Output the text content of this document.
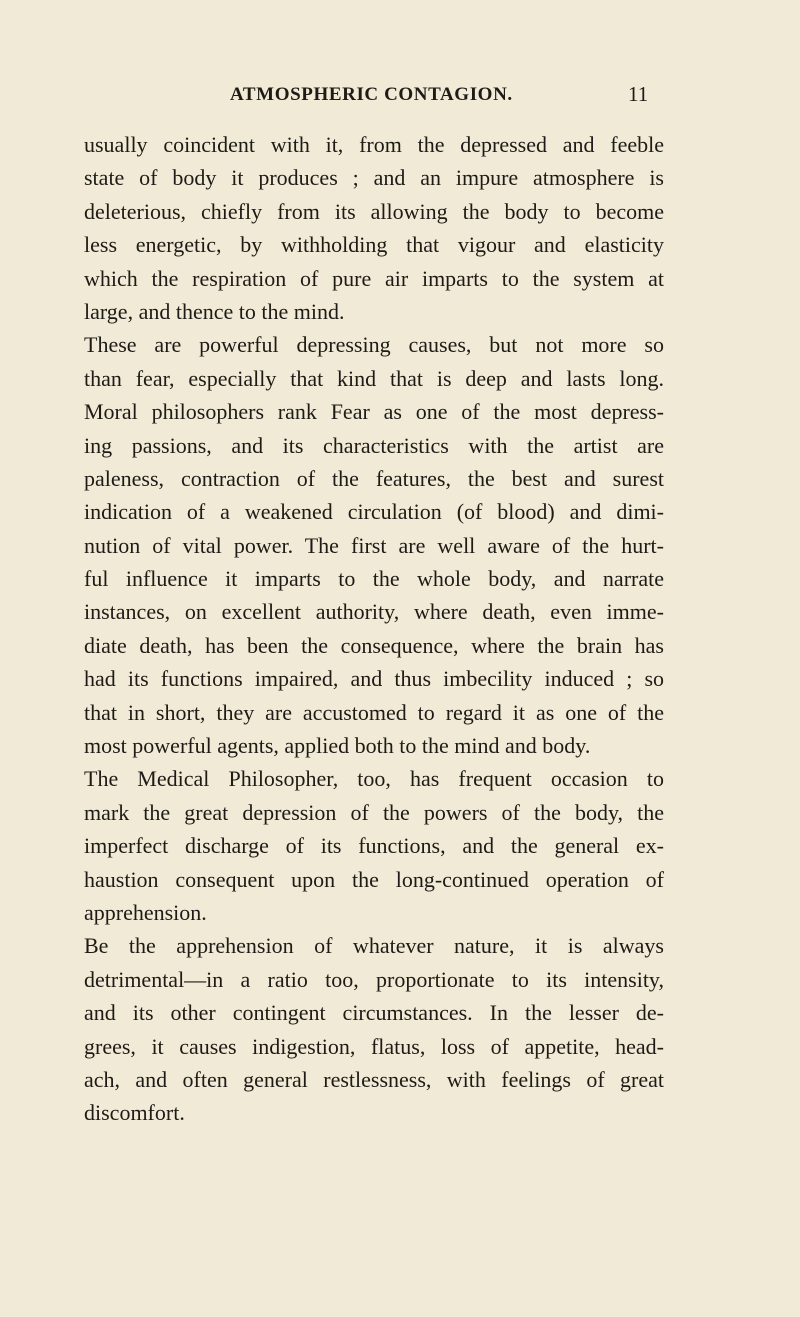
ATMOSPHERIC CONTAGION.	11
usually coincident with it, from the depressed and feeble
state of body it produces ; and an impure atmosphere is
deleterious, chiefly from its allowing the body to become
less energetic, by withholding that vigour and elasticity
which the respiration of pure air imparts to the system at
large, and thence to the mind.
These are powerful depressing causes, but not more so
than fear, especially that kind that is deep and lasts long.
Moral philosophers rank Fear as one of the most depress-
ing passions, and its characteristics with the artist are
paleness, contraction of the features, the best and surest
indication of a weakened circulation (of blood) and dimi-
nution of vital power. The first are well aware of the hurt-
ful influence it imparts to the whole body, and narrate
instances, on excellent authority, where death, even imme-
diate death, has been the consequence, where the brain has
had its functions impaired, and thus imbecility induced ; so
that in short, they are accustomed to regard it as one of the
most powerful agents, applied both to the mind and body.
The Medical Philosopher, too, has frequent occasion to
mark the great depression of the powers of the body, the
imperfect discharge of its functions, and the general ex-
haustion consequent upon the long-continued operation of
apprehension.
Be the apprehension of whatever nature, it is always
detrimental—in a ratio too, proportionate to its intensity,
and its other contingent circumstances. In the lesser de-
grees, it causes indigestion, flatus, loss of appetite, head-
ach, and often general restlessness, with feelings of great
discomfort.
